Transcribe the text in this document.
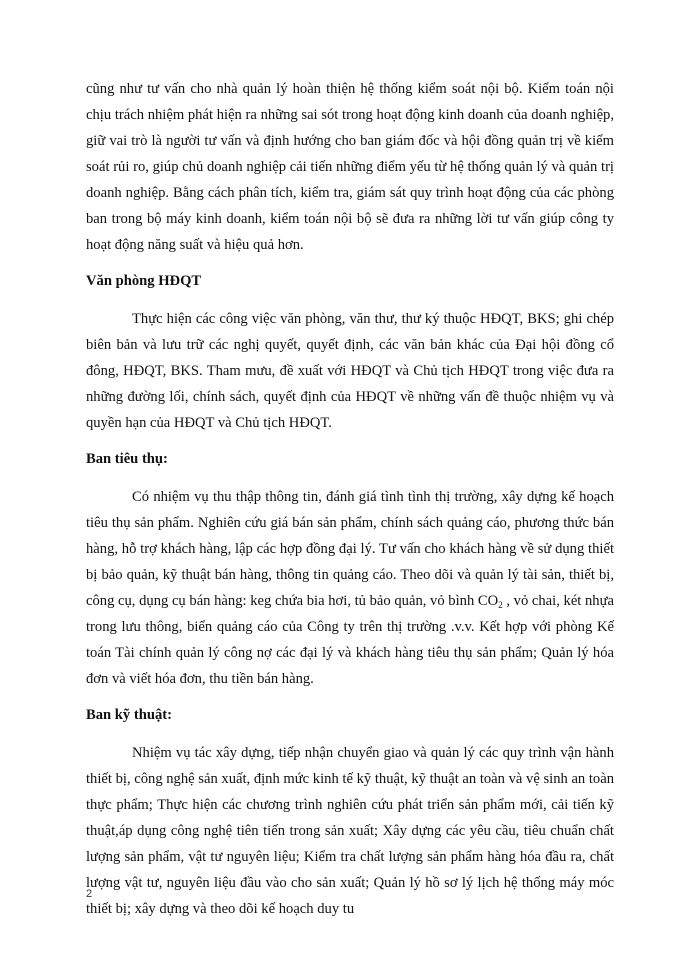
cũng như tư vấn cho nhà quản lý hoàn thiện hệ thống kiểm soát nội bộ. Kiểm toán nội chịu trách nhiệm phát hiện ra những sai sót trong hoạt động kinh doanh của doanh nghiệp, giữ vai trò là người tư vấn và định hướng cho ban giám đốc và hội đồng quản trị về kiểm soát rủi ro, giúp chủ doanh nghiệp cải tiến những điểm yếu từ hệ thống quản lý và quản trị doanh nghiệp. Bằng cách phân tích, kiểm tra, giám sát quy trình hoạt động của các phòng ban trong bộ máy kinh doanh, kiểm toán nội bộ sẽ đưa ra những lời tư vấn giúp công ty hoạt động năng suất và hiệu quả hơn.

Văn phòng HĐQT

Thực hiện các công việc văn phòng, văn thư, thư ký thuộc HĐQT, BKS; ghi chép biên bản và lưu trữ các nghị quyết, quyết định, các văn bản khác của Đại hội đồng cổ đông, HĐQT, BKS. Tham mưu, đề xuất với HĐQT và Chủ tịch HĐQT trong việc đưa ra những đường lối, chính sách, quyết định của HĐQT về những vấn đề thuộc nhiệm vụ và quyền hạn của HĐQT và Chủ tịch HĐQT.

Ban tiêu thụ:

Có nhiệm vụ thu thập thông tin, đánh giá tình tình thị trường, xây dựng kế hoạch tiêu thụ sản phẩm. Nghiên cứu giá bán sản phẩm, chính sách quảng cáo, phương thức bán hàng, hỗ trợ khách hàng, lập các hợp đồng đại lý. Tư vấn cho khách hàng về sử dụng thiết bị bảo quản, kỹ thuật bán hàng, thông tin quảng cáo. Theo dõi và quản lý tài sản, thiết bị, công cụ, dụng cụ bán hàng: keg chứa bia hơi, tủ bảo quản, vỏ bình $CO_2$ , vỏ chai, két nhựa trong lưu thông, biển quảng cáo của Công ty trên thị trường .v.v. Kết hợp với phòng Kế toán Tài chính quản lý công nợ các đại lý và khách hàng tiêu thụ sản phẩm; Quản lý hóa đơn và viết hóa đơn, thu tiền bán hàng.

Ban kỹ thuật:

Nhiệm vụ tác xây dựng, tiếp nhận chuyển giao và quản lý các quy trình vận hành thiết bị, công nghệ sản xuất, định mức kinh tế kỹ thuật, kỹ thuật an toàn và vệ sinh an toàn thực phẩm; Thực hiện các chương trình nghiên cứu phát triển sản phẩm mới, cải tiến kỹ thuật,áp dụng công nghệ tiên tiến trong sản xuất; Xây dựng các yêu cầu, tiêu chuẩn chất lượng sản phẩm, vật tư nguyên liệu; Kiểm tra chất lượng sản phẩm hàng hóa đầu ra, chất lượng vật tư, nguyên liệu đầu vào cho sản xuất; Quản lý hồ sơ lý lịch hệ thống máy móc thiết bị; xây dựng và theo dõi kế hoạch duy tu

2
